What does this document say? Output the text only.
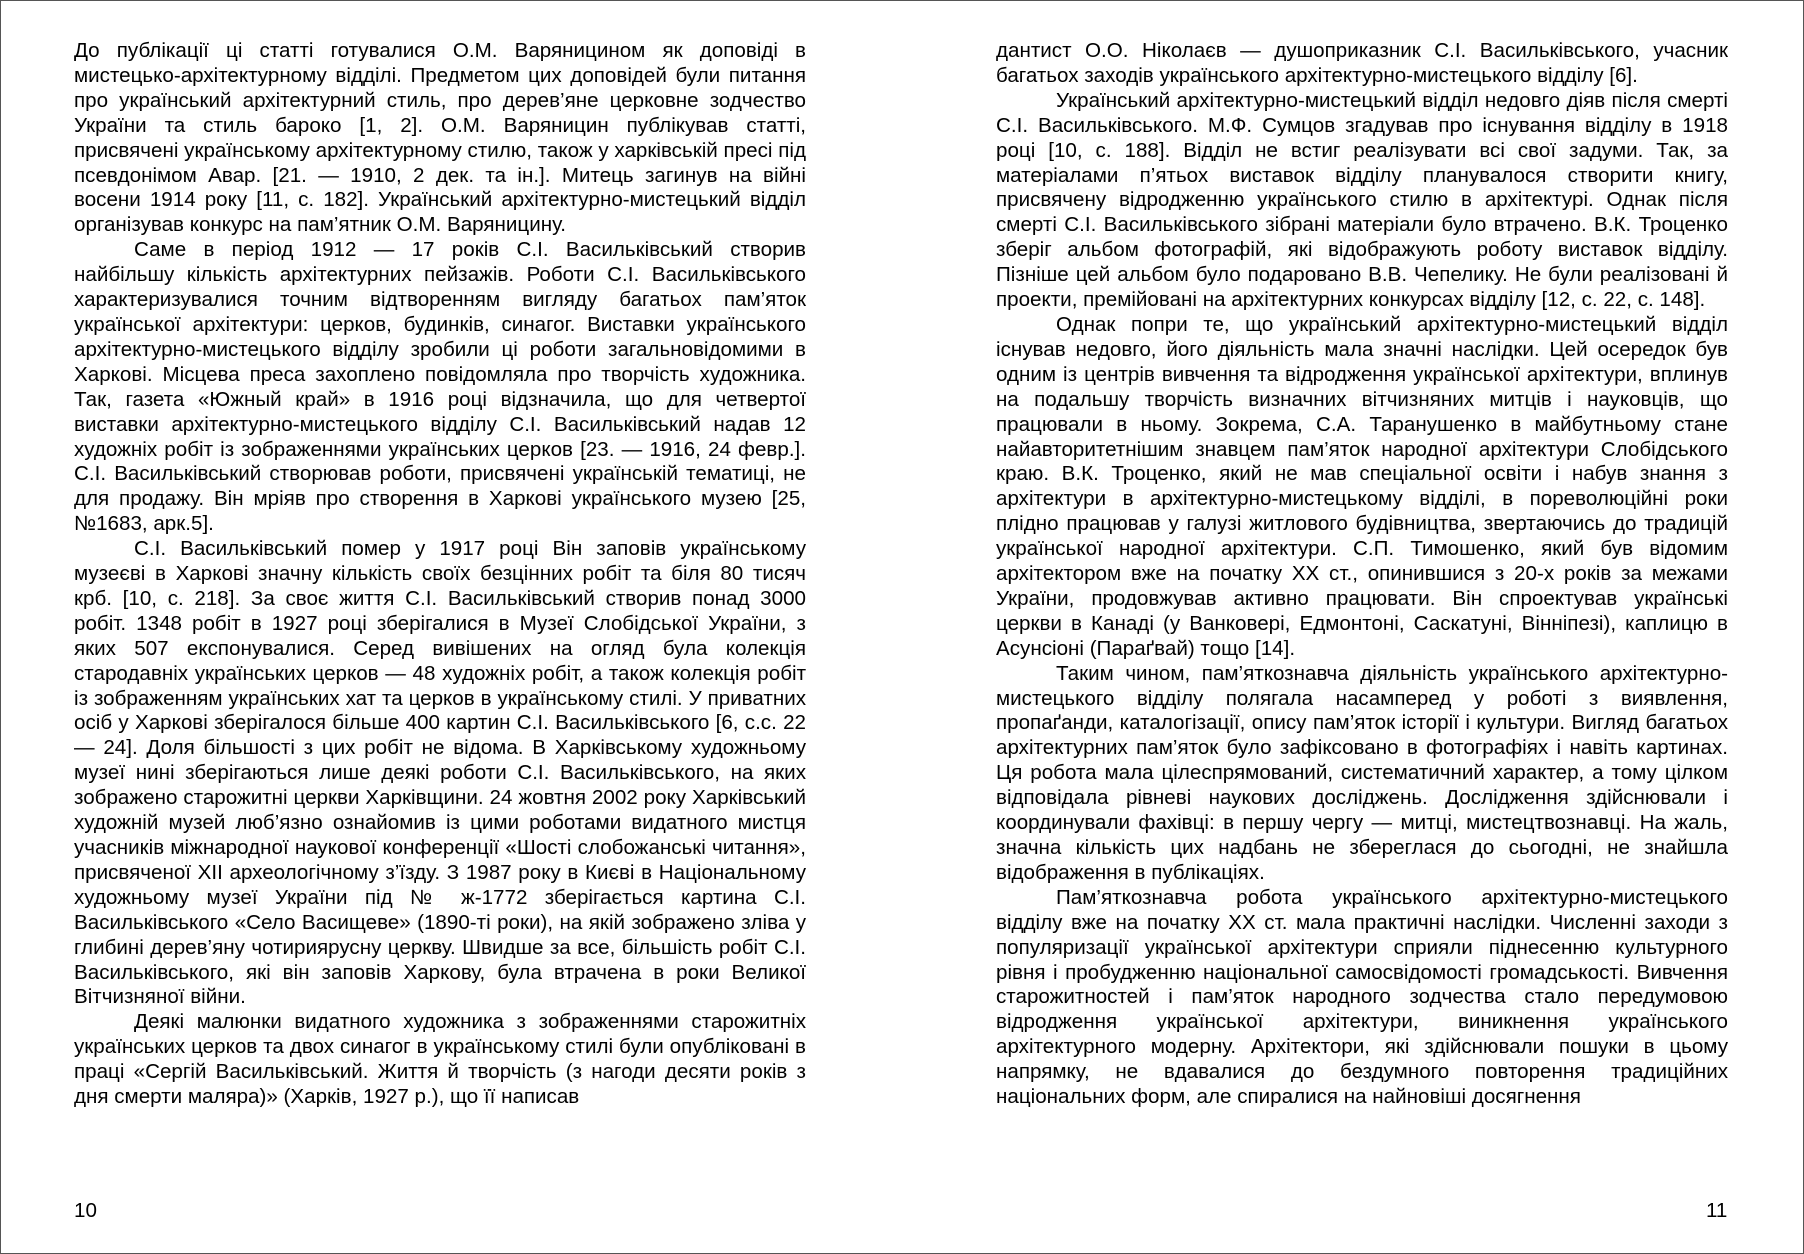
До публікації ці статті готувалися О.М. Варяницином як доповіді в мистецько-архітектурному відділі. Предметом цих доповідей були питання про український архітектурний стиль, про дерев’яне церковне зодчество України та стиль бароко [1, 2]. О.М. Варяницин публікував статті, присвячені українському архітектурному стилю, також у харківській пресі під псевдонімом Авар. [21. — 1910, 2 дек. та ін.]. Митець загинув на війні восени 1914 року [11, с. 182]. Український архітектурно-мистецький відділ організував конкурс на пам’ятник О.М. Варяницину.

Саме в період 1912 — 17 років С.І. Васильківський створив найбільшу кількість архітектурних пейзажів. Роботи С.І. Васильківського характеризувалися точним відтворенням вигляду багатьох пам’яток української архітектури: церков, будинків, синагог. Виставки українського архітектурно-мистецького відділу зробили ці роботи загальновідомими в Харкові. Місцева преса захоплено повідомляла про творчість художника. Так, газета «Южный край» в 1916 році відзначила, що для четвертої виставки архітектурно-мистецького відділу С.І. Васильківський надав 12 художніх робіт із зображеннями українських церков [23. — 1916, 24 февр.]. С.І. Васильківський створював роботи, присвячені українській тематиці, не для продажу. Він мріяв про створення в Харкові українського музею [25, №1683, арк.5].

С.І. Васильківський помер у 1917 році Він заповів українському музеєві в Харкові значну кількість своїх безцінних робіт та біля 80 тисяч крб. [10, с. 218]. За своє життя С.І. Васильківський створив понад 3000 робіт. 1348 робіт в 1927 році зберігалися в Музеї Слобідської України, з яких 507 експонувалися. Серед вивішених на огляд була колекція стародавніх українських церков — 48 художніх робіт, а також колекція робіт із зображенням українських хат та церков в українському стилі. У приватних осіб у Харкові зберігалося більше 400 картин С.І. Васильківського [6, с.с. 22 — 24]. Доля більшості з цих робіт не відома. В Харківському художньому музеї нині зберігаються лише деякі роботи С.І. Васильківського, на яких зображено старожитні церкви Харківщини. 24 жовтня 2002 року Харківський художній музей люб’язно ознайомив із цими роботами видатного мистця учасників міжнародної наукової конференції «Шості слобожанські читання», присвяченої XII археологічному з’їзду. З 1987 року в Києві в Національному художньому музеї України під № ж-1772 зберігається картина С.І. Васильківського «Село Васищеве» (1890-ті роки), на якій зображено зліва у глибині дерев’яну чотириярусну церкву. Швидше за все, більшість робіт С.І. Васильківського, які він заповів Харкову, була втрачена в роки Великої Вітчизняної війни.

Деякі малюнки видатного художника з зображеннями старожитніх українських церков та двох синагог в українському стилі були опубліковані в праці «Сергій Васильківський. Життя й творчість (з нагоди десяти років з дня смерти маляра)» (Харків, 1927 р.), що її написав

дантист О.О. Ніколаєв — душоприказник С.І. Васильківського, учасник багатьох заходів українського архітектурно-мистецького відділу [6].

Український архітектурно-мистецький відділ недовго діяв після смерті С.І. Васильківського. М.Ф. Сумцов згадував про існування відділу в 1918 році [10, с. 188]. Відділ не встиг реалізувати всі свої задуми. Так, за матеріалами п’ятьох виставок відділу планувалося створити книгу, присвячену відродженню українського стилю в архітектурі. Однак після смерті С.І. Васильківського зібрані матеріали було втрачено. В.К. Троценко зберіг альбом фотографій, які відображують роботу виставок відділу. Пізніше цей альбом було подаровано В.В. Чепелику. Не були реалізовані й проекти, премійовані на архітектурних конкурсах відділу [12, с. 22, с. 148].

Однак попри те, що український архітектурно-мистецький відділ існував недовго, його діяльність мала значні наслідки. Цей осередок був одним із центрів вивчення та відродження української архітектури, вплинув на подальшу творчість визначних вітчизняних митців і науковців, що працювали в ньому. Зокрема, С.А. Таранушенко в майбутньому стане найавторитетнішим знавцем пам’яток народної архітектури Слобідського краю. В.К. Троценко, який не мав спеціальної освіти і набув знання з архітектури в архітектурно-мистецькому відділі, в пореволюційні роки плідно працював у галузі житлового будівництва, звертаючись до традицій української народної архітектури. С.П. Тимошенко, який був відомим архітектором вже на початку XX ст., опинившися з 20-х років за межами України, продовжував активно працювати. Він спроектував українські церкви в Канаді (у Ванковері, Едмонтоні, Саскатуні, Вінніпезі), каплицю в Асунсіоні (Параґвай) тощо [14].

Таким чином, пам’яткознавча діяльність українського архітектурно-мистецького відділу полягала насамперед у роботі з виявлення, пропаґанди, каталогізації, опису пам’яток історії і культури. Вигляд багатьох архітектурних пам’яток було зафіксовано в фотографіях і навіть картинах. Ця робота мала цілеспрямований, систематичний характер, а тому цілком відповідала рівневі наукових досліджень. Дослідження здійснювали і координували фахівці: в першу чергу — митці, мистецтвознавці. На жаль, значна кількість цих надбань не збереглася до сьогодні, не знайшла відображення в публікаціях.

Пам’яткознавча робота українського архітектурно-мистецького відділу вже на початку XX ст. мала практичні наслідки. Численні заходи з популяризації української архітектури сприяли піднесенню культурного рівня і пробудженню національної самосвідомості громадськості. Вивчення старожитностей і пам’яток народного зодчества стало передумовою відродження української архітектури, виникнення українського архітектурного модерну. Архітектори, які здійснювали пошуки в цьому напрямку, не вдавалися до бездумного повторення традиційних національних форм, але спиралися на найновіші досягнення

10	11
